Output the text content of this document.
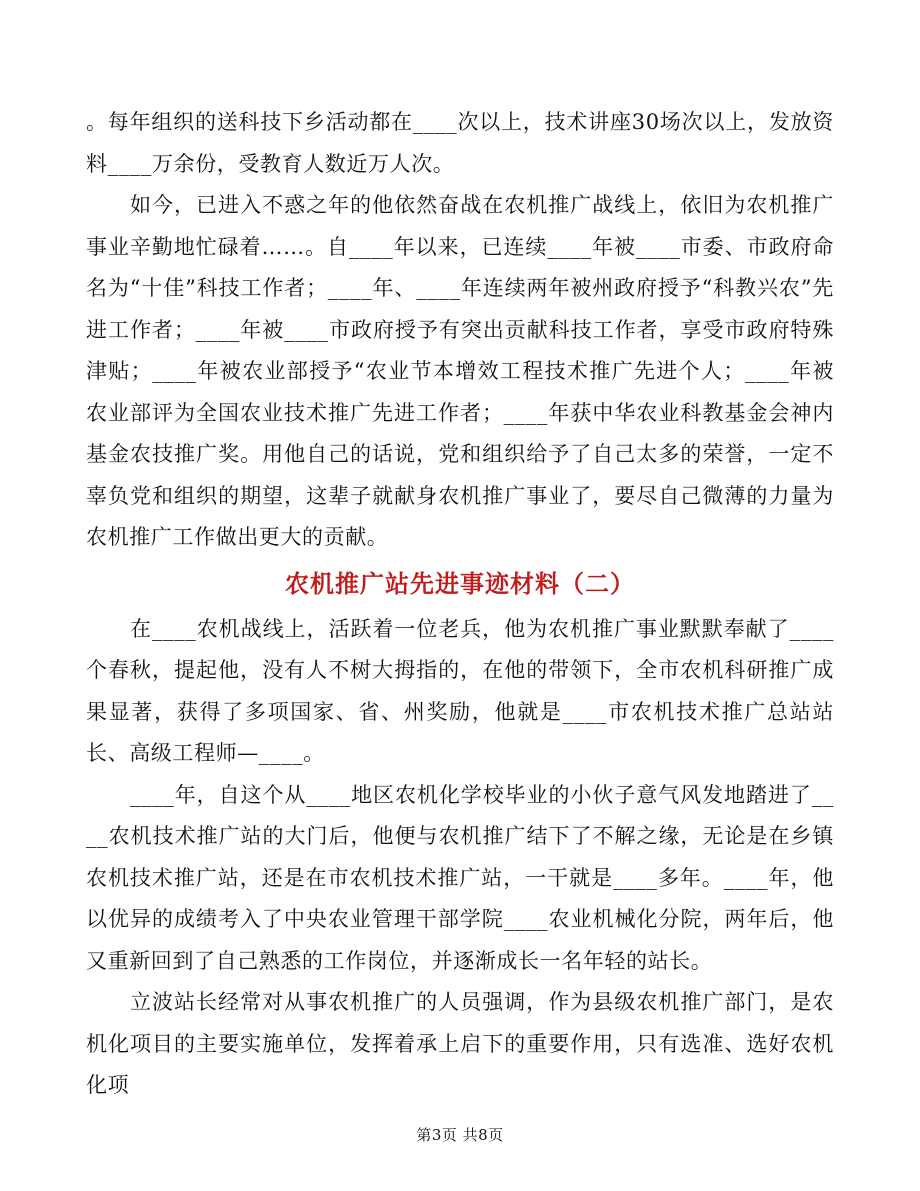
。每年组织的送科技下乡活动都在____次以上，技术讲座30场次以上，发放资料____万余份，受教育人数近万人次。

如今，已进入不惑之年的他依然奋战在农机推广战线上，依旧为农机推广事业辛勤地忙碌着……。自____年以来，已连续____年被____市委、市政府命名为“十佳”科技工作者；____年、____年连续两年被州政府授予“科教兴农”先进工作者；____年被____市政府授予有突出贡献科技工作者，享受市政府特殊津贴；____年被农业部授予“农业节本增效工程技术推广先进个人；____年被农业部评为全国农业技术推广先进工作者；____年获中华农业科教基金会神内基金农技推广奖。用他自己的话说，党和组织给予了自己太多的荣誉，一定不辜负党和组织的期望，这辈子就献身农机推广事业了，要尽自己微薄的力量为农机推广工作做出更大的贡献。

农机推广站先进事迹材料（二）

在____农机战线上，活跃着一位老兵，他为农机推广事业默默奉献了____个春秋，提起他，没有人不树大拇指的，在他的带领下，全市农机科研推广成果显著，获得了多项国家、省、州奖励，他就是____市农机技术推广总站站长、高级工程师—____。

____年，自这个从____地区农机化学校毕业的小伙子意气风发地踏进了____农机技术推广站的大门后，他便与农机推广结下了不解之缘，无论是在乡镇农机技术推广站，还是在市农机技术推广站，一干就是____多年。____年，他以优异的成绩考入了中央农业管理干部学院____农业机械化分院，两年后，他又重新回到了自己熟悉的工作岗位，并逐渐成长一名年轻的站长。

立波站长经常对从事农机推广的人员强调，作为县级农机推广部门，是农机化项目的主要实施单位，发挥着承上启下的重要作用，只有选准、选好农机化项

第3页 共8页
